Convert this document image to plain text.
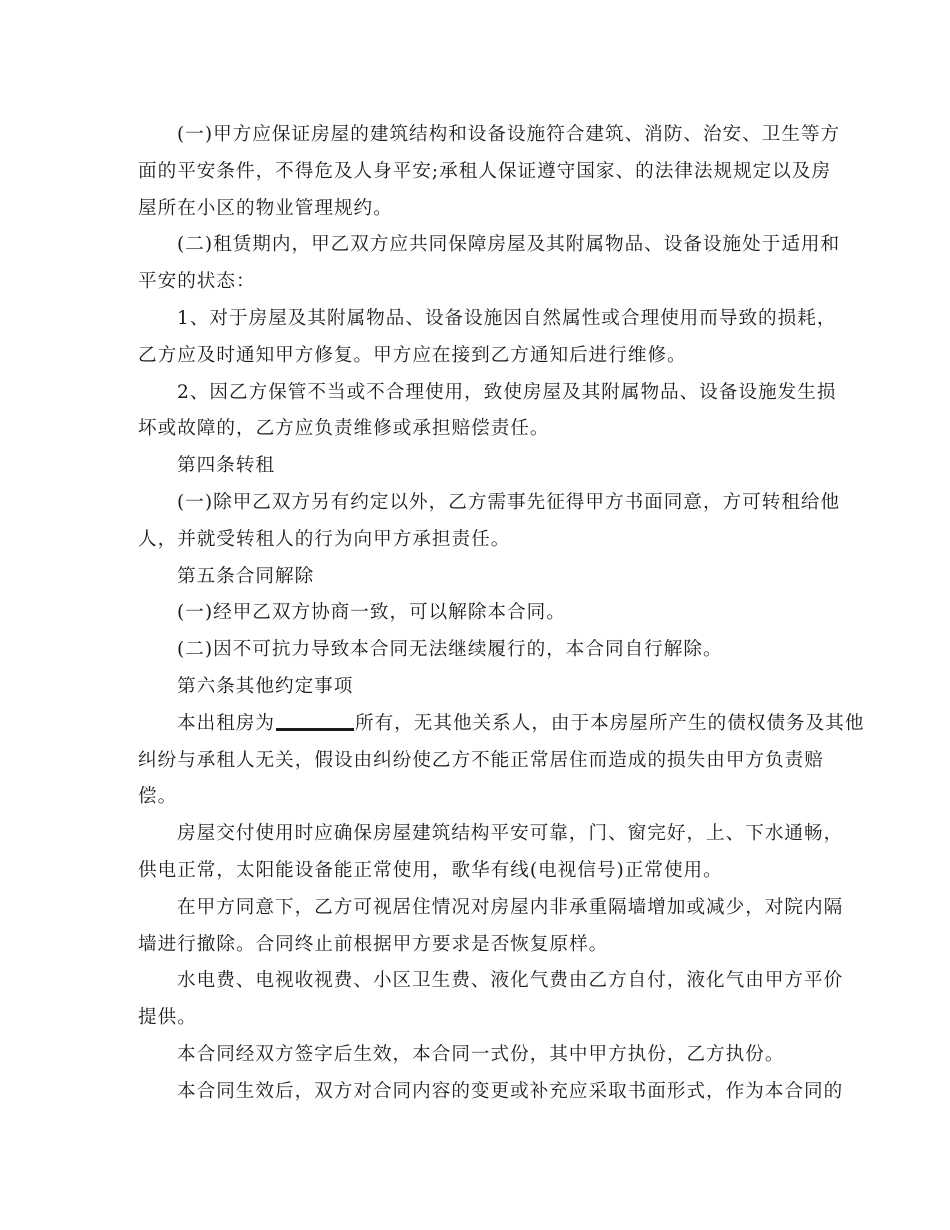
(一)甲方应保证房屋的建筑结构和设备设施符合建筑、消防、治安、卫生等方
面的平安条件，不得危及人身平安;承租人保证遵守国家、的法律法规规定以及房
屋所在小区的物业管理规约。
(二)租赁期内，甲乙双方应共同保障房屋及其附属物品、设备设施处于适用和
平安的状态：
1、对于房屋及其附属物品、设备设施因自然属性或合理使用而导致的损耗，
乙方应及时通知甲方修复。甲方应在接到乙方通知后进行维修。
2、因乙方保管不当或不合理使用，致使房屋及其附属物品、设备设施发生损
坏或故障的，乙方应负责维修或承担赔偿责任。
第四条转租
(一)除甲乙双方另有约定以外，乙方需事先征得甲方书面同意，方可转租给他
人，并就受转租人的行为向甲方承担责任。
第五条合同解除
(一)经甲乙双方协商一致，可以解除本合同。
(二)因不可抗力导致本合同无法继续履行的，本合同自行解除。
第六条其他约定事项
本出租房为	所有，无其他关系人，由于本房屋所产生的债权债务及其他
纠纷与承租人无关，假设由纠纷使乙方不能正常居住而造成的损失由甲方负责赔
偿。
房屋交付使用时应确保房屋建筑结构平安可靠，门、窗完好，上、下水通畅，
供电正常，太阳能设备能正常使用，歌华有线(电视信号)正常使用。
在甲方同意下，乙方可视居住情况对房屋内非承重隔墙增加或减少，对院内隔
墙进行撤除。合同终止前根据甲方要求是否恢复原样。
水电费、电视收视费、小区卫生费、液化气费由乙方自付，液化气由甲方平价
提供。
本合同经双方签字后生效，本合同一式份，其中甲方执份，乙方执份。
本合同生效后，双方对合同内容的变更或补充应采取书面形式，作为本合同的
